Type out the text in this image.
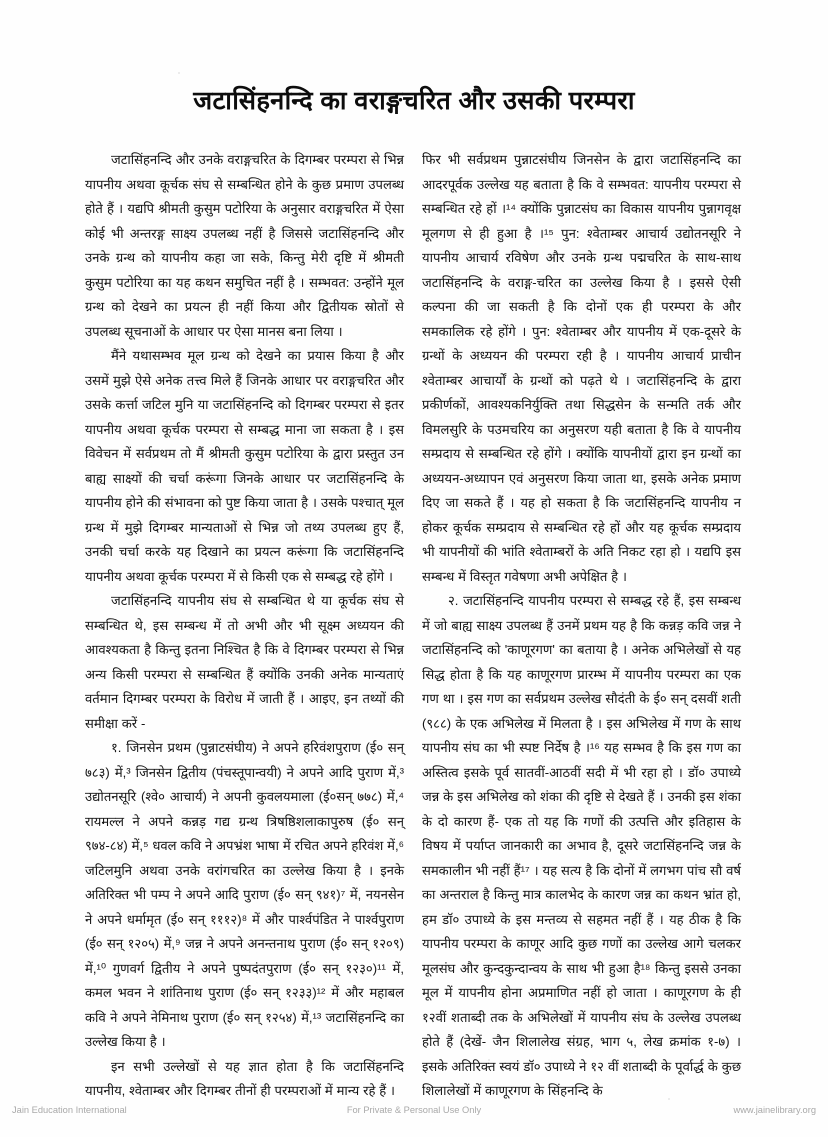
जटासिंहनन्दि का वराङ्गचरित और उसकी परम्परा

जटासिंहनन्दि और उनके वराङ्गचरित के दिगम्बर परम्परा से भिन्न यापनीय अथवा कूर्चक संघ से सम्बन्धित होने के कुछ प्रमाण उपलब्ध होते हैं । यद्यपि श्रीमती कुसुम पटोरिया के अनुसार वराङ्गचरित में ऐसा कोई भी अन्तरङ्ग साक्ष्य उपलब्ध नहीं है जिससे‍ जटासिंहनन्दि और उनके ग्रन्थ को यापनीय कहा जा सके, किन्तु मेरी दृष्टि में श्रीमती कुसुम पटोरिया का यह कथन समुचित नहीं है । सम्भवत: उन्होंने मूल ग्रन्थ को देखने का प्रयत्न ही नहीं किया और द्वितीयक स्रोतों से उपलब्ध सूचनाओं के आधार पर ऐसा मानस बना लिया ।

मैंने यथासम्भव मूल ग्रन्थ को देखने का प्रयास किया है और उसमें मुझे ऐसे अनेक तत्त्व मिले हैं जिनके आधार पर वराङ्गचरित और उसके कर्त्ता जटिल मुनि या जटासिंहनन्दि को दिगम्बर परम्परा से इतर यापनीय अथवा कूर्चक परम्परा से सम्बद्ध माना जा सकता है । इस विवेचन में सर्वप्रथम तो मैं श्रीमती कुसुम पटोरिया के द्वारा प्रस्तुत उन बाह्य साक्ष्यों की चर्चा करूंगा जिनके आधार पर जटासिंहनन्दि के यापनीय होने की संभावना को पुष्ट किया जाता है । उसके पश्चात् मूल ग्रन्थ में मुझे दिगम्बर मान्यताओं से भिन्न जो तथ्य उपलब्ध हुए हैं, उनकी चर्चा करके यह दिखाने का प्रयत्न करूंगा कि जटासिंहनन्दि यापनीय अथवा कूर्चक परम्परा में से किसी एक से सम्बद्ध रहे होंगे ।

जटासिंहनन्दि यापनीय संघ से सम्बन्धित थे या कूर्चक संघ से सम्बन्धित थे, इस सम्बन्ध में तो अभी और भी सूक्ष्म अध्ययन की आवश्यकता है किन्तु इतना निश्चित है कि वे दिगम्बर परम्परा से भिन्न अन्य किसी परम्परा से सम्बन्धित हैं क्योंकि उनकी अनेक मान्यताएं वर्तमान दिगम्बर परम्परा के विरोध में जाती हैं । आइए, इन तथ्यों की समीक्षा करें -

१. जिनसेन प्रथम (पुन्नाटसंघीय) ने अपने हरिवंशपुराण (ई० सन् ७८३) में,³ जिनसेन द्वितीय (पंचस्तूपान्वयी) ने अपने आदि पुराण में,³ उद्योतनसूरि (श्वे० आचार्य) ने अपनी कुवलयमाला (ई०सन् ७७८) में,⁴ रायमल्ल ने अपने कन्नड़ गद्य ग्रन्थ त्रिषष्ठिशलाकापुरुष (ई० सन् ९७४-८४) में,⁵ धवल कवि ने अपभ्रंश भाषा में रचित अपने हरिवंश में,⁶ जटिलमुनि अथवा उनके वरांगचरित का उल्लेख किया है । इनके अतिरिक्त भी पम्प ने अपने आदि पुराण (ई० सन् ९४१)⁷ में, नयनसेन ने अपने धर्मामृत (ई० सन् १११२)⁸ में और पार्श्वपंडित ने पार्श्वपुराण (ई० सन् १२०५) में,⁹ जन्न ने अपने अनन्तनाथ पुराण (ई० सन् १२०९) में,¹⁰ गुणवर्ग द्वितीय ने अपने पुष्पदंतपुराण (ई० सन् १२३०)¹¹ में, कमल भवन ने शांतिनाथ पुराण (ई० सन् १२३३)¹² में और महाबल कवि ने अपने नेमिनाथ पुराण (ई० सन् १२५४) में,¹³ जटासिंहनन्दि का उल्लेख किया है ।

इन सभी उल्लेखों से यह ज्ञात होता है कि जटासिंहनन्दि यापनीय, श्वेताम्बर और दिगम्बर तीनों ही परम्पराओं में मान्य रहे हैं ।

फिर भी सर्वप्रथम पुन्नाटसंघीय जिनसेन के द्वारा जटासिंहनन्दि का आदरपूर्वक उल्लेख यह बताता है कि वे सम्भवत: यापनीय परम्परा से सम्बन्धित रहे हों ।¹⁴ क्योंकि पुन्नाटसंघ का विकास यापनीय पुन्नागवृक्ष मूलगण से ही हुआ है ।¹⁵ पुन: श्वेताम्बर आचार्य उद्योतनसूरि ने यापनीय आचार्य रविषेण और उनके ग्रन्थ पद्मचरित के साथ-साथ जटासिंहनन्दि के वराङ्ग-चरित का उल्लेख किया है । इससे ऐसी कल्पना की जा सकती है कि दोनों एक ही परम्परा के और समकालिक रहे होंगे । पुन: श्वेताम्बर और यापनीय में एक-दूसरे के ग्रन्थों के अध्ययन की परम्परा रही है । यापनीय आचार्य प्राचीन श्वेताम्बर आचार्यों के ग्रन्थों को पढ़ते थे । जटासिंहनन्दि के द्वारा प्रकीर्णकों, आवश्यकनिर्युक्ति तथा सिद्धसेन के सन्मति तर्क और विमलसुरि के पउमचरिय का अनुसरण यही बताता है कि वे यापनीय सम्प्रदाय से सम्बन्धित रहे होंगे । क्योंकि यापनीयों द्वारा इन ग्रन्थों का अध्ययन-अध्यापन एवं अनुसरण किया जाता था, इसके अनेक प्रमाण दिए जा सकते हैं । यह हो सकता है कि जटासिंहनन्दि यापनीय न होकर कूर्चक सम्प्रदाय से सम्बन्धित रहे हों और यह कूर्चक सम्प्रदाय भी यापनीयों की भांति श्वेताम्बरों के अति निकट रहा हो । यद्यपि इस सम्बन्ध में विस्तृत गवेषणा अभी अपेक्षित है ।

२. जटासिंहनन्दि यापनीय परम्परा से सम्बद्ध रहे हैं, इस सम्बन्ध में जो बाह्य साक्ष्य उपलब्ध हैं उनमें प्रथम यह है कि कन्नड़ कवि जन्न ने जटासिंहनन्दि को 'काणूरगण' का बताया है । अनेक अभिलेखों से यह सिद्ध होता है कि यह काणूरगण प्रारम्भ में यापनीय परम्परा का एक गण था । इस गण का सर्वप्रथम उल्लेख सौदंती के ई० सन् दसवीं शती (९८८) के एक अभिलेख में मिलता है । इस अभिलेख में गण के साथ यापनीय संघ का भी स्पष्ट निर्देष है ।¹⁶ यह सम्भव है कि इस गण का अस्तित्व इसके पूर्व सातवीं-आठवीं सदी में भी रहा हो । डॉ० उपाध्ये जन्न के इस अभिलेख को शंका की दृष्टि से देखते हैं । उनकी इस शंका के दो कारण हैं- एक तो यह कि गणों की उत्पत्ति और इतिहास के विषय में पर्याप्त जानकारी का अभाव है, दूसरे जटासिंहनन्दि जन्न के समकालीन भी नहीं हैं¹⁷ । यह सत्य है कि दोनों में लगभग पांच सौ वर्ष का अन्तराल है किन्तु मात्र कालभेद के कारण जन्न का कथन भ्रांत हो, हम डॉ० उपाध्ये के इस मन्तव्य से सहमत नहीं हैं । यह ठीक है कि यापनीय परम्परा के काणूर आदि कुछ गणों का उल्लेख आगे चलकर मूलसंघ और कुन्दकुन्दान्वय के साथ भी हुआ है¹⁸ किन्तु इससे उनका मूल में यापनीय होना अप्रमाणित नहीं हो जाता । काणूरगण के ही १२वीं शताब्दी तक के अभिलेखों में यापनीय संघ के उल्लेख उपलब्ध होते हैं (देखें- जैन शिलालेख संग्रह, भाग ५, लेख क्रमांक १-७) । इसके अतिरिक्त स्वयं डॉ० उपाध्ये ने १२ वीं शताब्दी के पूर्वार्द्ध के कुछ शिलालेखों में काणूरगण के सिंहनन्दि के

Jain Education International	For Private & Personal Use Only	www.jainelibrary.org
